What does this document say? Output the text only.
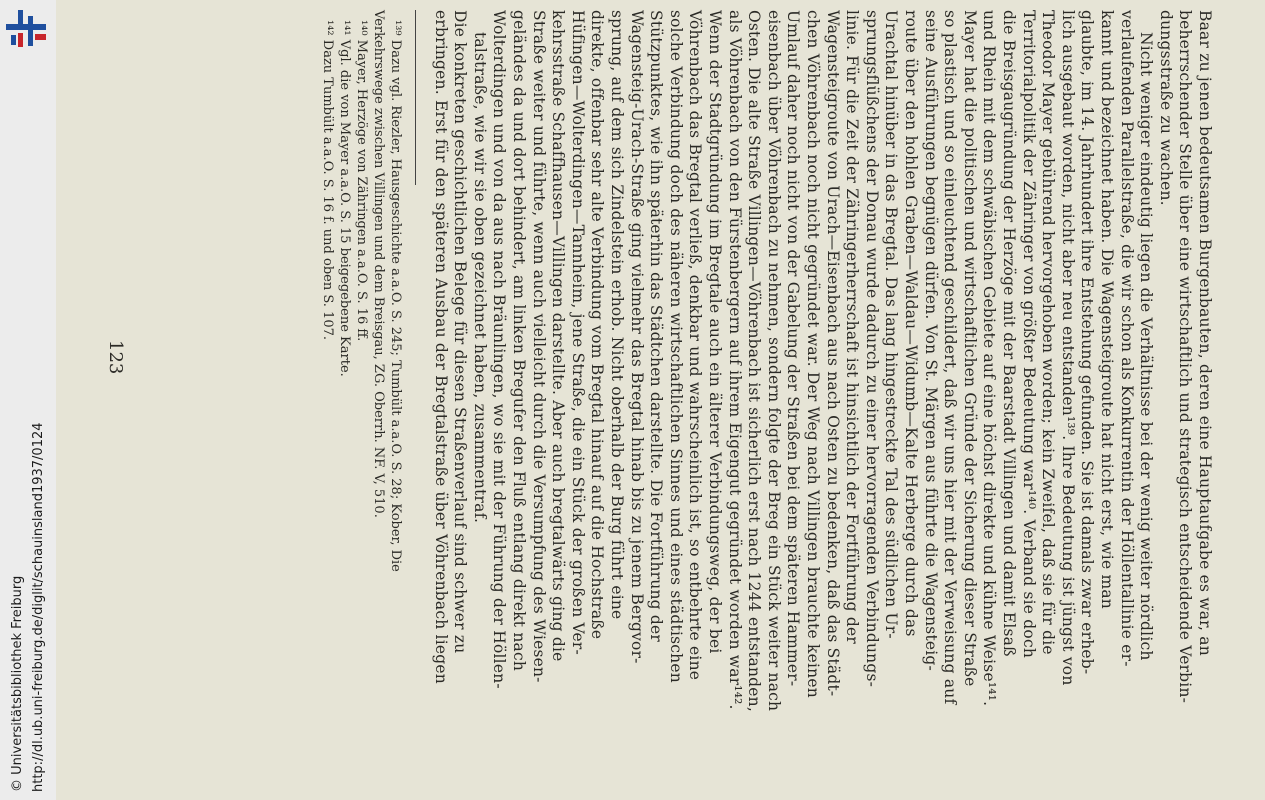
http://dl.ub.uni-freiburg.de/diglit/schauinsland1937/0124
© Universitätsbibliothek Freiburg
Baar zu jenen bedeutsamen Burgenbauten, deren eine Hauptaufgabe es war, an
beherrschender Stelle über eine wirtschaftlich und strategisch entscheidende Verbin-
dungsstraße zu wachen.
Nicht weniger eindeutig liegen die Verhältnisse bei der wenig weiter nördlich
verlaufenden Parallelstraße, die wir schon als Konkurrentin der Höllentallinie er-
kannt und bezeichnet haben. Die Wagensteigroute hat nicht erst, wie man
glaubte, im 14. Jahrhundert ihre Entstehung gefunden. Sie ist damals zwar erheb-
lich ausgebaut worden, nicht aber neu entstanden¹³⁹. Ihre Bedeutung ist jüngst von
Theodor Mayer gebührend hervorgehoben worden; kein Zweifel, daß sie für die
Territorialpolitik der Zähringer von größter Bedeutung war¹⁴⁰. Verband sie doch
die Breisgaugründung der Herzöge mit der Baarstadt Villingen und damit Elsaß
und Rhein mit dem schwäbischen Gebiete auf eine höchst direkte und kühne Weise¹⁴¹.
Mayer hat die politischen und wirtschaftlichen Gründe der Sicherung dieser Straße
so plastisch und so einleuchtend geschildert, daß wir uns hier mit der Verweisung auf
seine Ausführungen begnügen dürfen. Von St. Märgen aus führte die Wagensteig-
route über den hohlen Graben—Waldau—Widumb—Kalte Herberge durch das
Urachtal hinüber in das Bregtal. Das lang hingestreckte Tal des südlichen Ur-
sprungsflüßchens der Donau wurde dadurch zu einer hervorragenden Verbindungs-
linie. Für die Zeit der Zähringerherrschaft ist hinsichtlich der Fortführung der
Wagensteigroute von Urach—Eisenbach aus nach Osten zu bedenken, daß das Städt-
chen Vöhrenbach noch nicht gegründet war. Der Weg nach Villingen brauchte keinen
Umlauf daher noch nicht von der Gabelung der Straßen bei dem späteren Hammer-
eisenbach über Vöhrenbach zu nehmen, sondern folgte der Breg ein Stück weiter nach
Osten. Die alte Straße Villingen—Vöhrenbach ist sicherlich erst nach 1244 entstanden,
als Vöhrenbach von den Fürstenbergern auf ihrem Eigengut gegründet worden war¹⁴².
Wenn der Stadtgründung im Bregtale auch ein älterer Verbindungsweg, der bei
Vöhrenbach das Bregtal verließ, denkbar und wahrscheinlich ist, so entbehrte eine
solche Verbindung doch des näheren wirtschaftlichen Sinnes und eines städtischen
Stützpunktes, wie ihn späterhin das Städtchen darstellte. Die Fortführung der
Wagensteig-Urach-Straße ging vielmehr das Bregtal hinab bis zu jenem Bergvor-
sprung, auf dem sich Zindelstein erhob. Nicht oberhalb der Burg führt eine
direkte, offenbar sehr alte Verbindung vom Bregtal hinauf auf die Hochstraße
Hüfingen—Wolterdingen—Tannheim, jene Straße, die ein Stück der großen Ver-
kehrsstraße Schaffhausen—Villingen darstellte. Aber auch bregtalwärts ging die
Straße weiter und führte, wenn auch vielleicht durch die Versumpfung des Wiesen-
geländes da und dort behindert, am linken Bregufer den Fluß entlang direkt nach
Wolterdingen und von da aus nach Bräunlingen, wo sie mit der Führung der Höllen-
talstraße, wie wir sie oben gezeichnet haben, zusammentraf.
Die konkreten geschichtlichen Belege für diesen Straßenverlauf sind schwer zu
erbringen. Erst für den späteren Ausbau der Bregtalstraße über Vöhrenbach liegen
¹³⁹ Dazu vgl. Riezler, Hausgeschichte a.a.O. S. 245; Tumbült a.a.O. S. 28; Kober, Die
Verkehrswege zwischen Villingen und dem Breisgau, ZG. Oberrh. NF. V, 510.
¹⁴⁰ Mayer, Herzöge von Zähringen a.a.O. S. 16 ff.
¹⁴¹ Vgl. die von Mayer a.a.O. S. 15 beigegebene Karte.
¹⁴² Dazu Tumbült a.a.O. S. 16 f. und oben S. 107.
123
